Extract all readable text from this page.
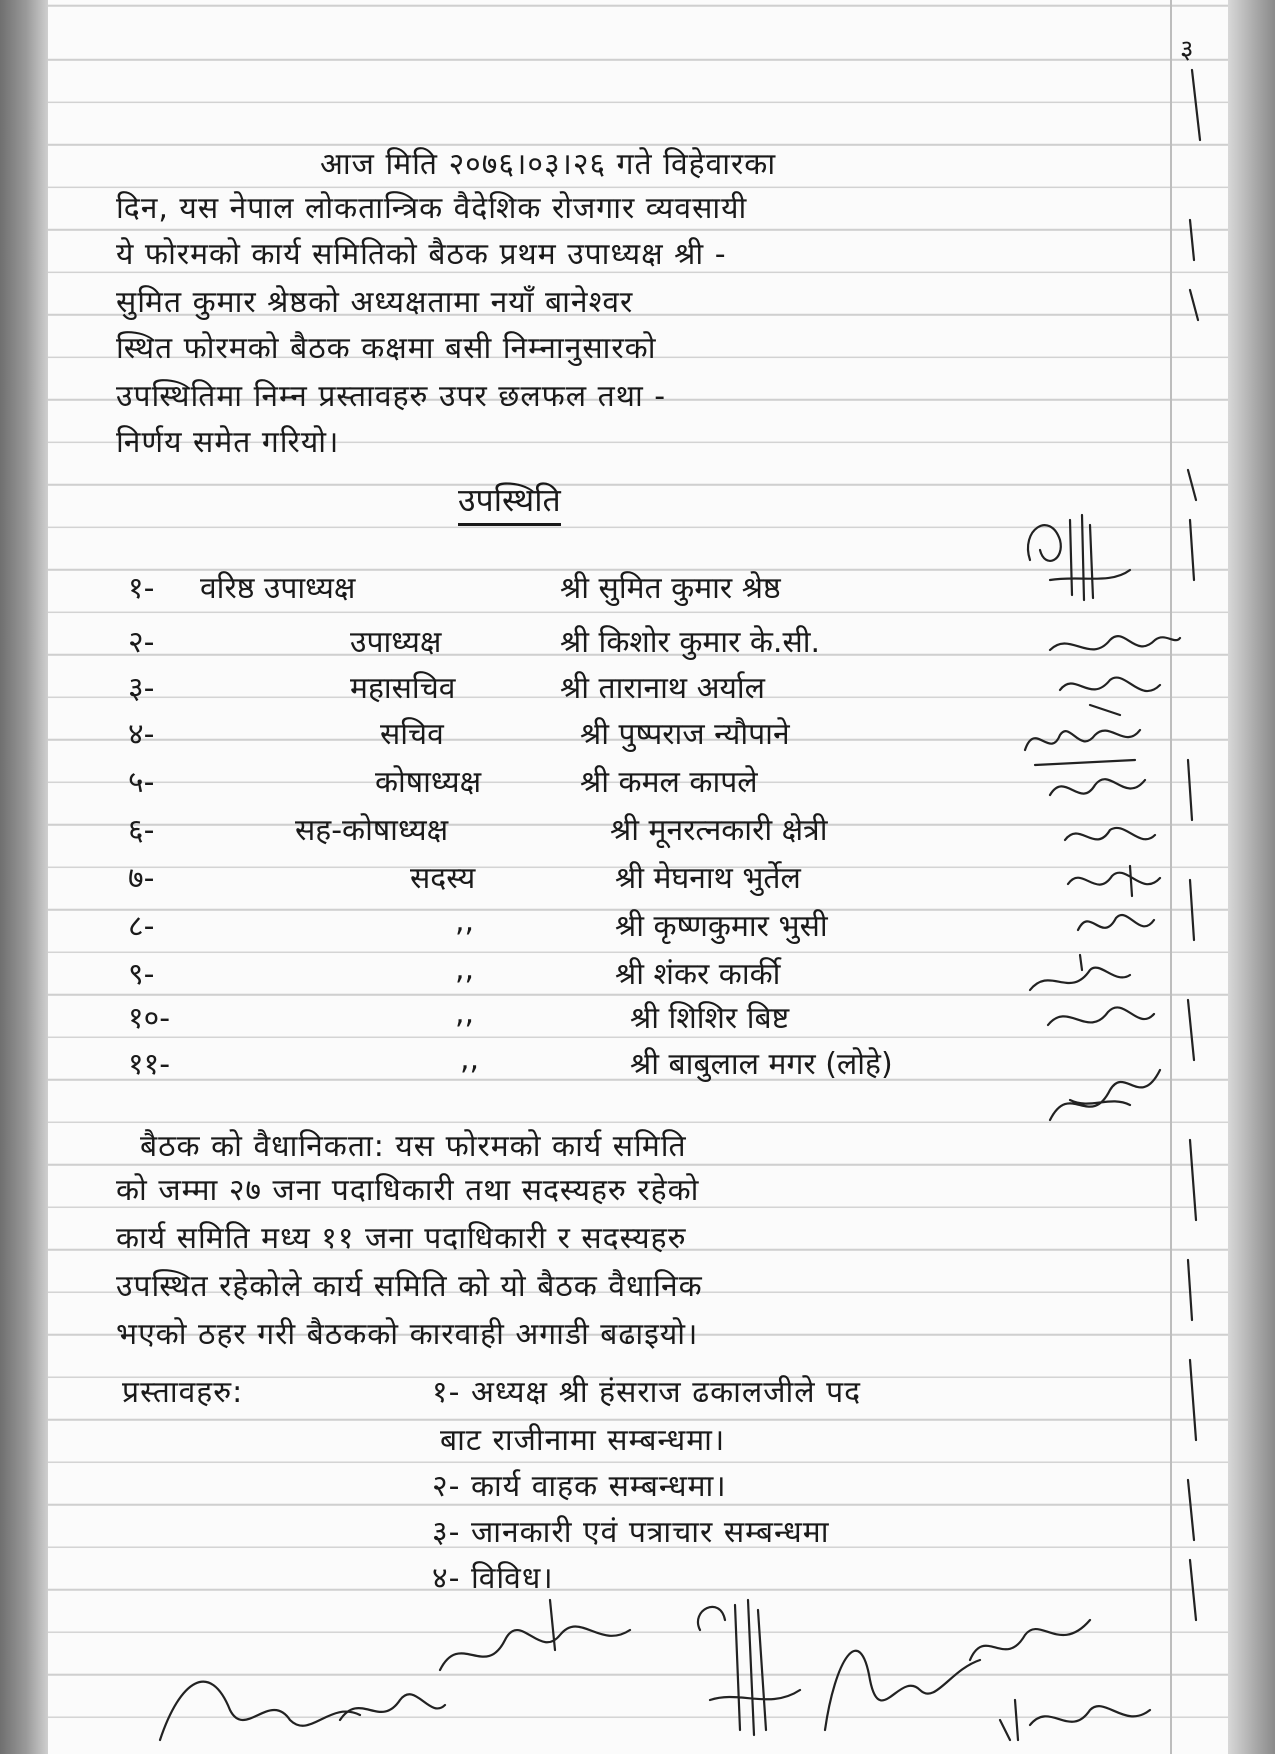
३
आज मिति २०७६।०३।२६ गते विहेवारका
दिन, यस नेपाल लोकतान्त्रिक वैदेशिक रोजगार व्यवसायी
ये फोरमको कार्य समितिको बैठक प्रथम उपाध्यक्ष श्री -
सुमित कुमार श्रेष्ठको अध्यक्षतामा नयाँ बानेश्वर
स्थित फोरमको बैठक कक्षमा बसी निम्नानुसारको
उपस्थितिमा निम्न प्रस्तावहरु उपर छलफल तथा -
निर्णय समेत गरियो।
उपस्थिति
१- वरिष्ठ उपाध्यक्ष	श्री सुमित कुमार श्रेष्ठ
२-	उपाध्यक्ष	श्री किशोर कुमार के.सी.
३-	महासचिव	श्री तारानाथ अर्याल
४-	सचिव	श्री पुष्पराज न्यौपाने
५-	कोषाध्यक्ष	श्री कमल कापले
६-	सह-कोषाध्यक्ष	श्री मूनरत्नकारी क्षेत्री
७-	सदस्य	श्री मेघनाथ भुर्तेल
८-	,,	श्री कृष्णकुमार भुसी
९-	,,	श्री शंकर कार्की
१०-	,,	श्री शिशिर बिष्ट
११-	,,	श्री बाबुलाल मगर (लोहे)
बैठक को वैधानिकता: यस फोरमको कार्य समिति
को जम्मा २७ जना पदाधिकारी तथा सदस्यहरु रहेको
कार्य समिति मध्य ११ जना पदाधिकारी र सदस्यहरु
उपस्थित रहेकोले कार्य समिति को यो बैठक वैधानिक
भएको ठहर गरी बैठकको कारवाही अगाडी बढाइयो।
प्रस्तावहरु:	१- अध्यक्ष श्री हंसराज ढकालजीले पद
बाट राजीनामा सम्बन्धमा।
२- कार्य वाहक सम्बन्धमा।
३- जानकारी एवं पत्राचार सम्बन्धमा
४- विविध।
